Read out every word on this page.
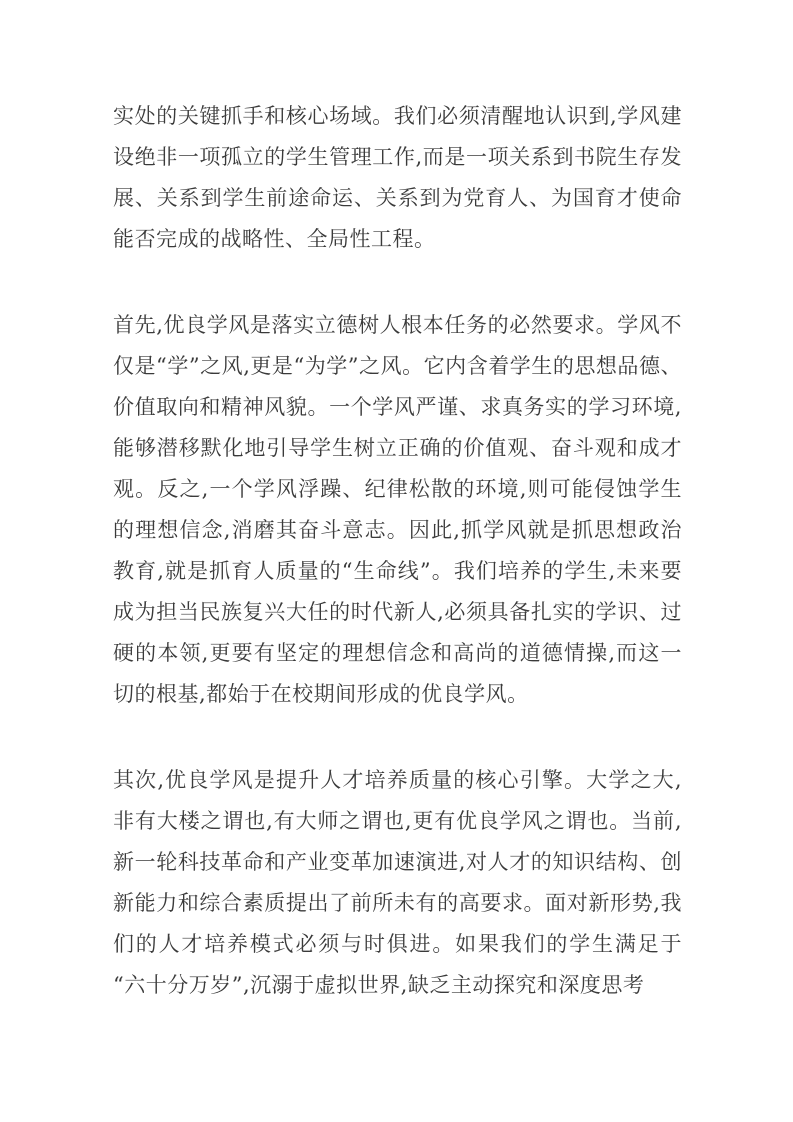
实处的关键抓手和核心场域。我们必须清醒地认识到,学风建设绝非一项孤立的学生管理工作,而是一项关系到书院生存发展、关系到学生前途命运、关系到为党育人、为国育才使命能否完成的战略性、全局性工程。

首先,优良学风是落实立德树人根本任务的必然要求。学风不仅是“学”之风,更是“为学”之风。它内含着学生的思想品德、价值取向和精神风貌。一个学风严谨、求真务实的学习环境,能够潜移默化地引导学生树立正确的价值观、奋斗观和成才观。反之,一个学风浮躁、纪律松散的环境,则可能侵蚀学生的理想信念,消磨其奋斗意志。因此,抓学风就是抓思想政治教育,就是抓育人质量的“生命线”。我们培养的学生,未来要成为担当民族复兴大任的时代新人,必须具备扎实的学识、过硬的本领,更要有坚定的理想信念和高尚的道德情操,而这一切的根基,都始于在校期间形成的优良学风。

其次,优良学风是提升人才培养质量的核心引擎。大学之大,非有大楼之谓也,有大师之谓也,更有优良学风之谓也。当前,新一轮科技革命和产业变革加速演进,对人才的知识结构、创新能力和综合素质提出了前所未有的高要求。面对新形势,我们的人才培养模式必须与时俱进。如果我们的学生满足于“六十分万岁”,沉溺于虚拟世界,缺乏主动探究和深度思考
